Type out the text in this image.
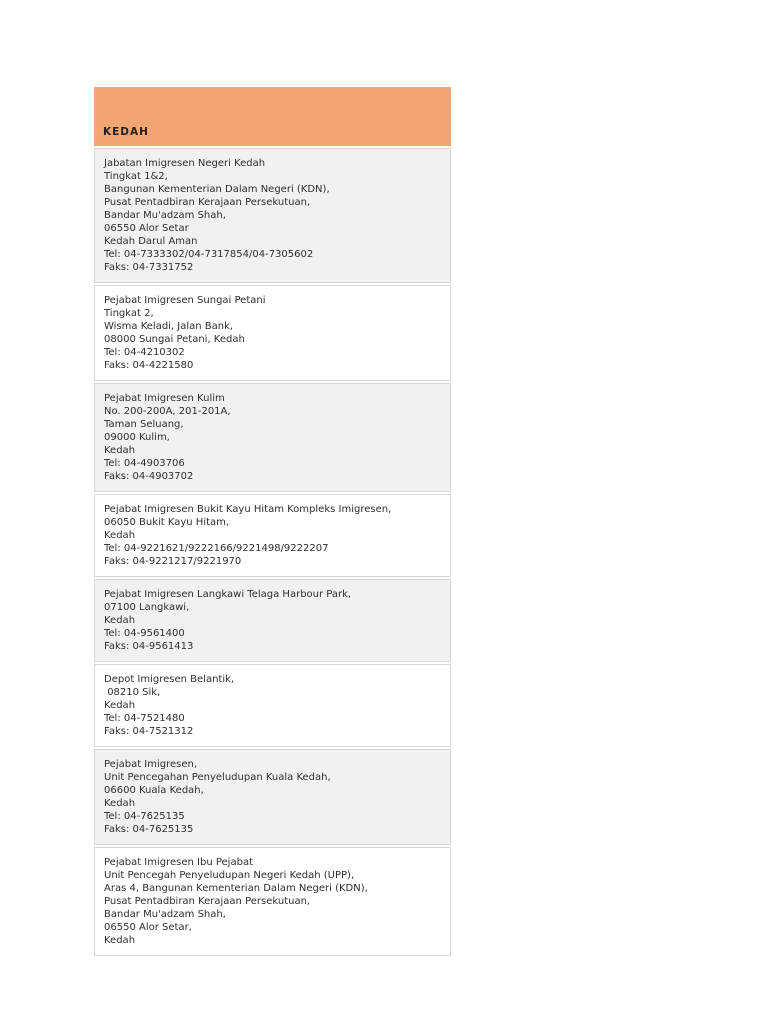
KEDAH
Jabatan Imigresen Negeri Kedah
Tingkat 1&2,
Bangunan Kementerian Dalam Negeri (KDN),
Pusat Pentadbiran Kerajaan Persekutuan,
Bandar Mu'adzam Shah,
06550 Alor Setar
Kedah Darul Aman
Tel: 04-7333302/04-7317854/04-7305602
Faks: 04-7331752
Pejabat Imigresen Sungai Petani
Tingkat 2,
Wisma Keladi, Jalan Bank,
08000 Sungai Petani, Kedah
Tel: 04-4210302
Faks: 04-4221580
Pejabat Imigresen Kulim
No. 200-200A, 201-201A,
Taman Seluang,
09000 Kulim,
Kedah
Tel: 04-4903706
Faks: 04-4903702
Pejabat Imigresen Bukit Kayu Hitam Kompleks Imigresen,
06050 Bukit Kayu Hitam,
Kedah
Tel: 04-9221621/9222166/9221498/9222207
Faks: 04-9221217/9221970
Pejabat Imigresen Langkawi Telaga Harbour Park,
07100 Langkawi,
Kedah
Tel: 04-9561400
Faks: 04-9561413
Depot Imigresen Belantik,
08210 Sik,
Kedah
Tel: 04-7521480
Faks: 04-7521312
Pejabat Imigresen,
Unit Pencegahan Penyeludupan Kuala Kedah,
06600 Kuala Kedah,
Kedah
Tel: 04-7625135
Faks: 04-7625135
Pejabat Imigresen Ibu Pejabat
Unit Pencegah Penyeludupan Negeri Kedah (UPP),
Aras 4, Bangunan Kementerian Dalam Negeri (KDN),
Pusat Pentadbiran Kerajaan Persekutuan,
Bandar Mu'adzam Shah,
06550 Alor Setar,
Kedah
